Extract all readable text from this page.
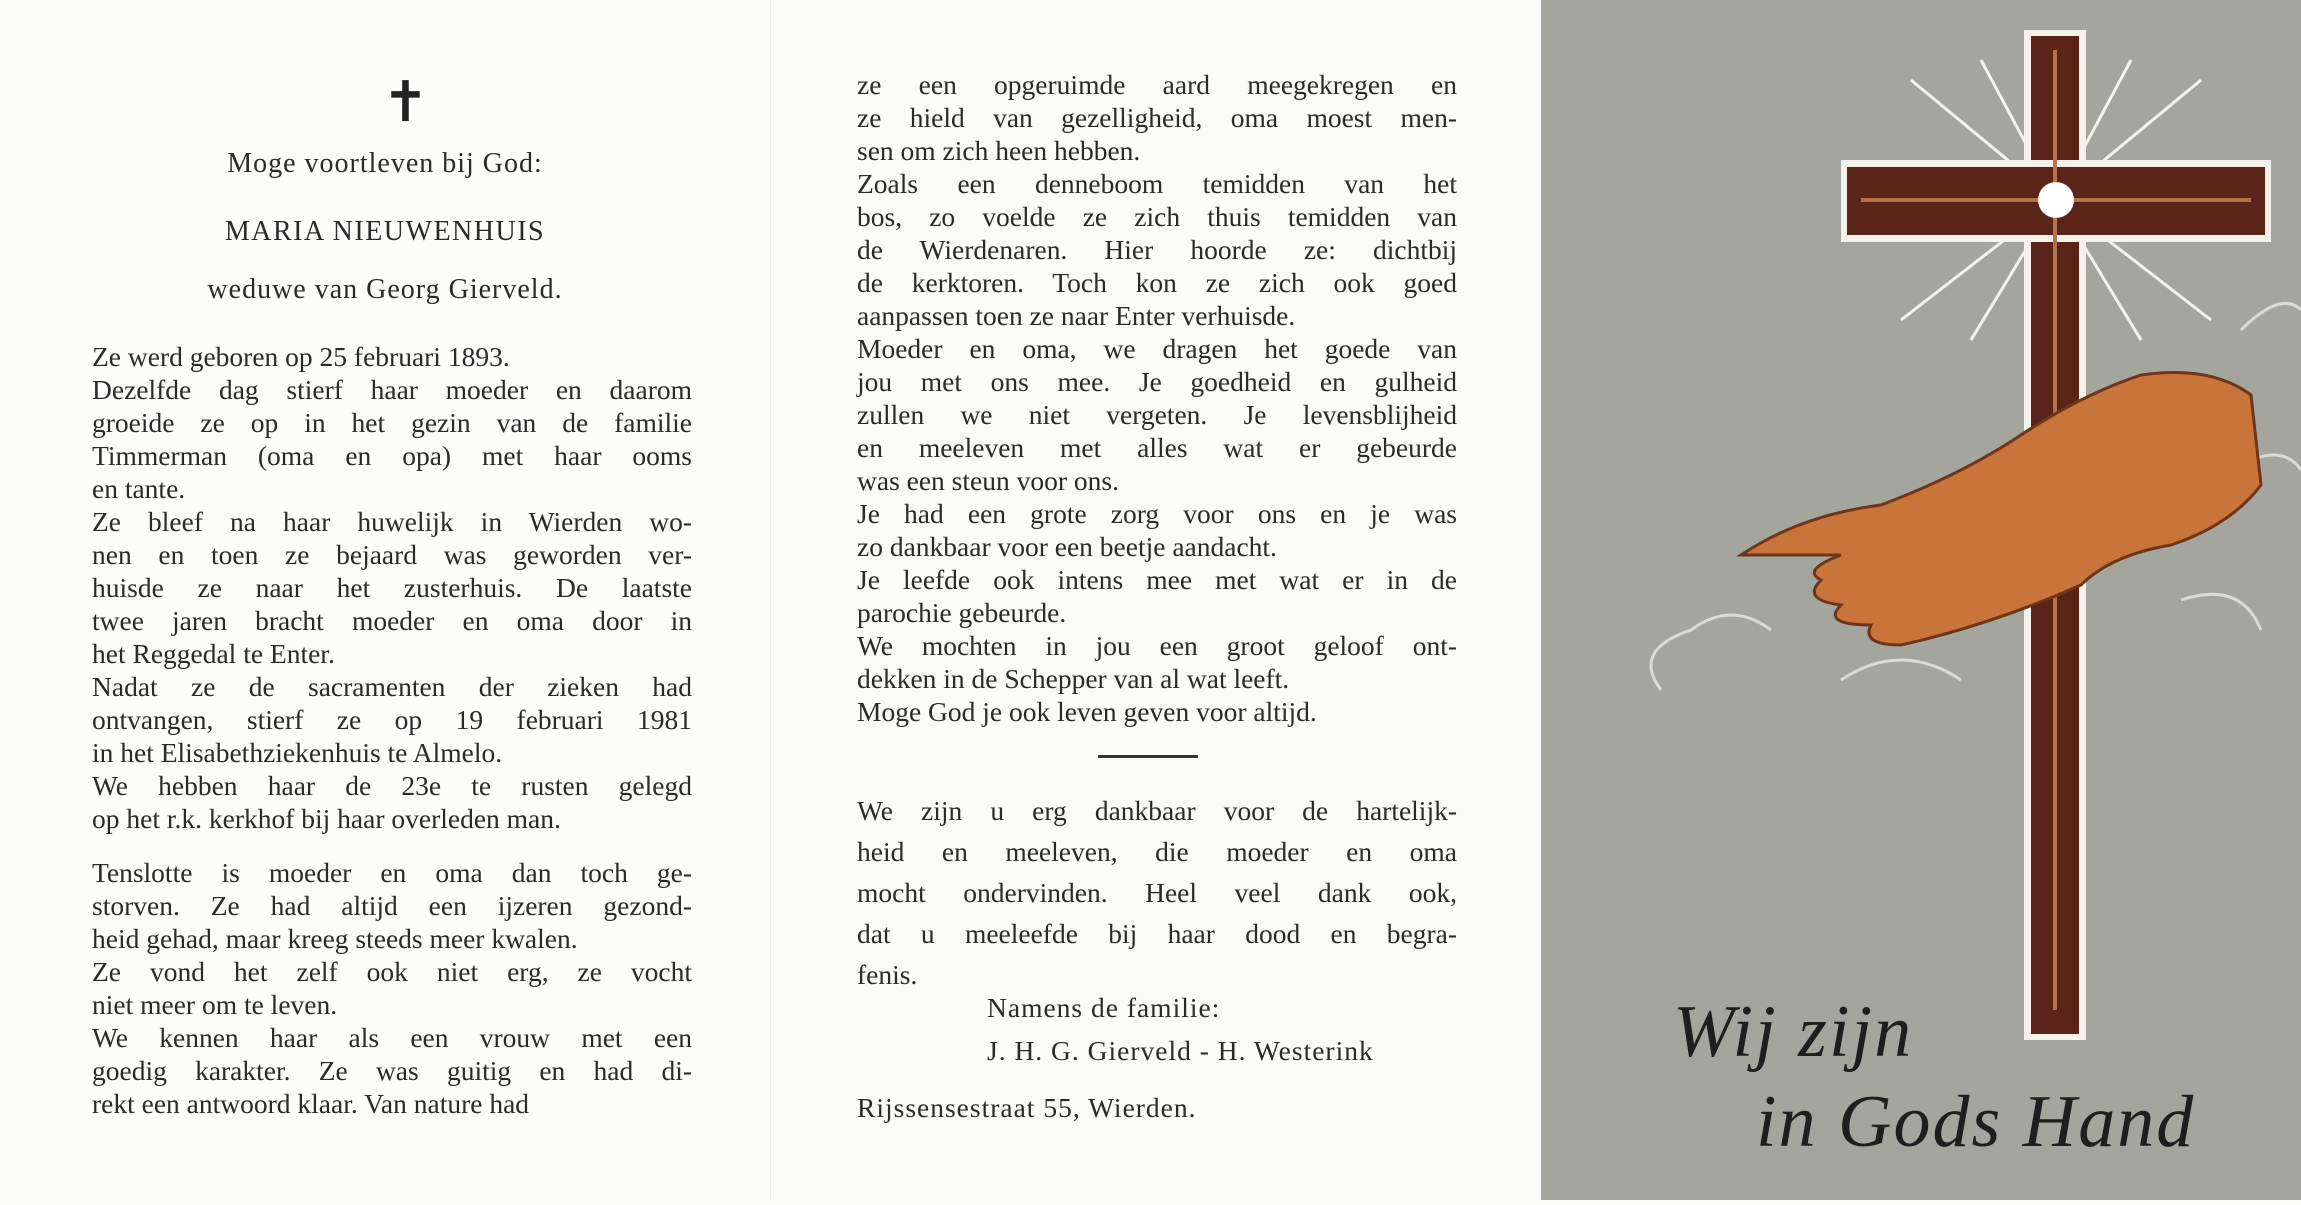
✝
Moge voortleven bij God:
MARIA NIEUWENHUIS
weduwe van Georg Gierveld.
Ze werd geboren op 25 februari 1893.
Dezelfde dag stierf haar moeder en daarom
groeide ze op in het gezin van de familie
Timmerman (oma en opa) met haar ooms
en tante.
Ze bleef na haar huwelijk in Wierden wo-
nen en toen ze bejaard was geworden ver-
huisde ze naar het zusterhuis. De laatste
twee jaren bracht moeder en oma door in
het Reggedal te Enter.
Nadat ze de sacramenten der zieken had
ontvangen, stierf ze op 19 februari 1981
in het Elisabethziekenhuis te Almelo.
We hebben haar de 23e te rusten gelegd
op het r.k. kerkhof bij haar overleden man.
Tenslotte is moeder en oma dan toch ge-
storven. Ze had altijd een ijzeren gezond-
heid gehad, maar kreeg steeds meer kwalen.
Ze vond het zelf ook niet erg, ze vocht
niet meer om te leven.
We kennen haar als een vrouw met een
goedig karakter. Ze was guitig en had di-
rekt een antwoord klaar. Van nature had
ze een opgeruimde aard meegekregen en
ze hield van gezelligheid, oma moest men-
sen om zich heen hebben.
Zoals een denneboom temidden van het
bos, zo voelde ze zich thuis temidden van
de Wierdenaren. Hier hoorde ze: dichtbij
de kerktoren. Toch kon ze zich ook goed
aanpassen toen ze naar Enter verhuisde.
Moeder en oma, we dragen het goede van
jou met ons mee. Je goedheid en gulheid
zullen we niet vergeten. Je levensblijheid
en meeleven met alles wat er gebeurde
was een steun voor ons.
Je had een grote zorg voor ons en je was
zo dankbaar voor een beetje aandacht.
Je leefde ook intens mee met wat er in de
parochie gebeurde.
We mochten in jou een groot geloof ont-
dekken in de Schepper van al wat leeft.
Moge God je ook leven geven voor altijd.
We zijn u erg dankbaar voor de hartelijk-
heid en meeleven, die moeder en oma
mocht ondervinden. Heel veel dank ook,
dat u meeleefde bij haar dood en begra-
fenis.
Namens de familie:
J. H. G. Gierveld - H. Westerink
Rijssensestraat 55, Wierden.
Wij zijn
in Gods Hand
